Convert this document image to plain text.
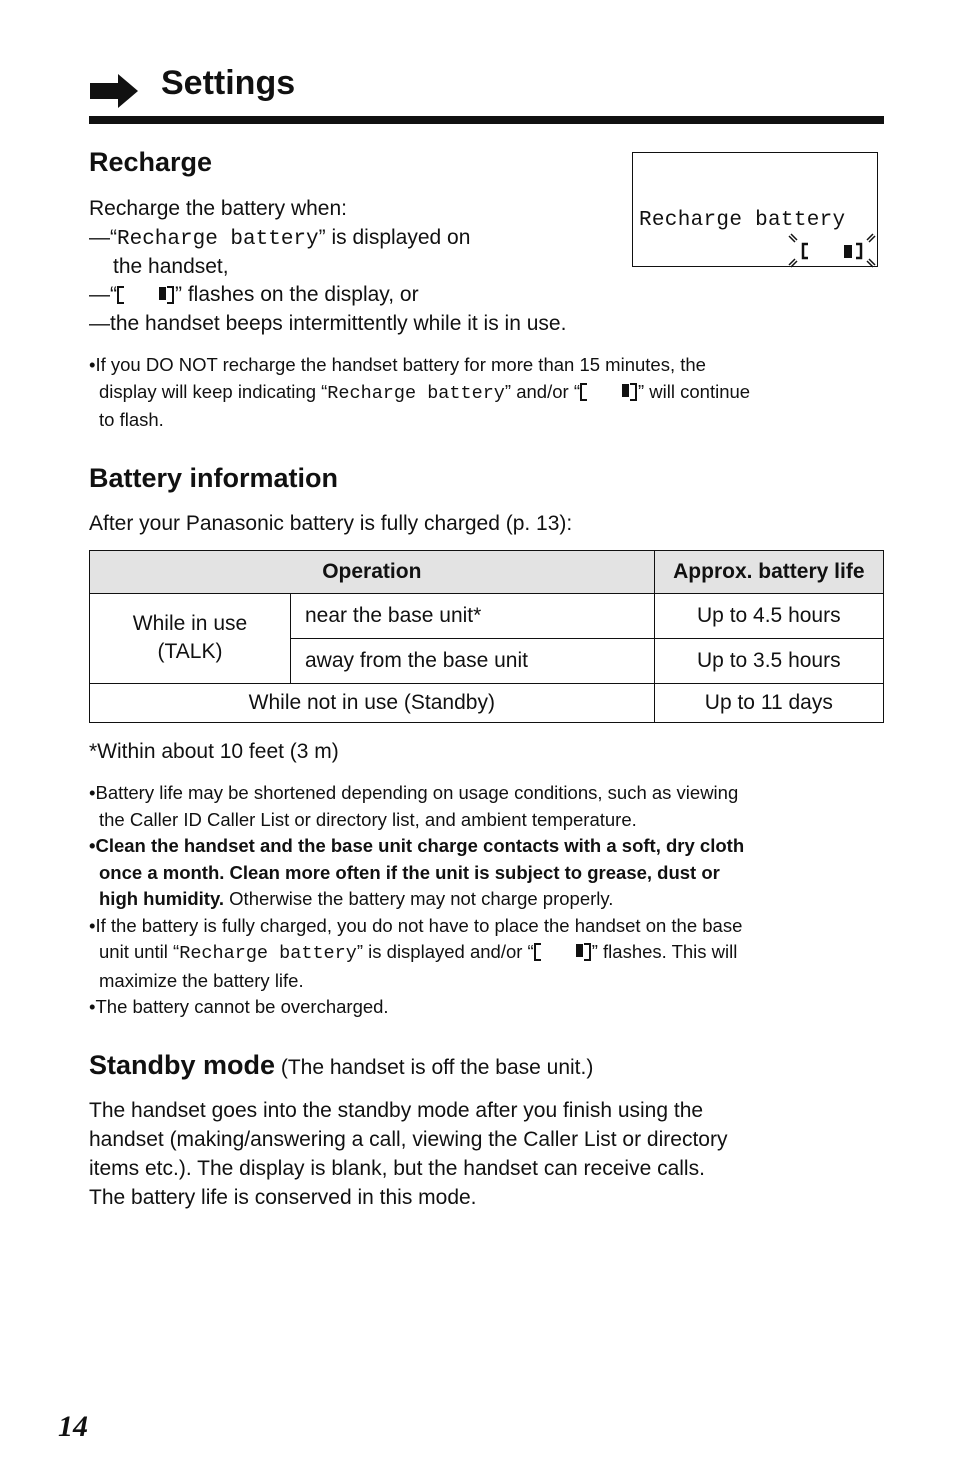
Settings
Recharge
Recharge the battery when:
—“Recharge battery” is displayed on
the handset,
—“	” flashes on the display, or
—the handset beeps intermittently while it is in use.
•If you DO NOT recharge the handset battery for more than 15 minutes, the
display will keep indicating “Recharge battery” and/or “	” will continue
to flash.
Recharge battery
Battery information
After your Panasonic battery is fully charged (p. 13):
Operation		Approx. battery life

While in use
(TALK)	near the base unit*	Up to 4.5 hours
	away from the base unit	Up to 3.5 hours
While not in use (Standby)		Up to 11 days
*Within about 10 feet (3 m)
•Battery life may be shortened depending on usage conditions, such as viewing
the Caller ID Caller List or directory list, and ambient temperature.
•Clean the handset and the base unit charge contacts with a soft, dry cloth
once a month. Clean more often if the unit is subject to grease, dust or
high humidity. Otherwise the battery may not charge properly.
•If the battery is fully charged, you do not have to place the handset on the base
unit until “Recharge battery” is displayed and/or “	” flashes. This will
maximize the battery life.
•The battery cannot be overcharged.
Standby mode (The handset is off the base unit.)
The handset goes into the standby mode after you finish using the
handset (making/answering a call, viewing the Caller List or directory
items etc.). The display is blank, but the handset can receive calls.
The battery life is conserved in this mode.
14
